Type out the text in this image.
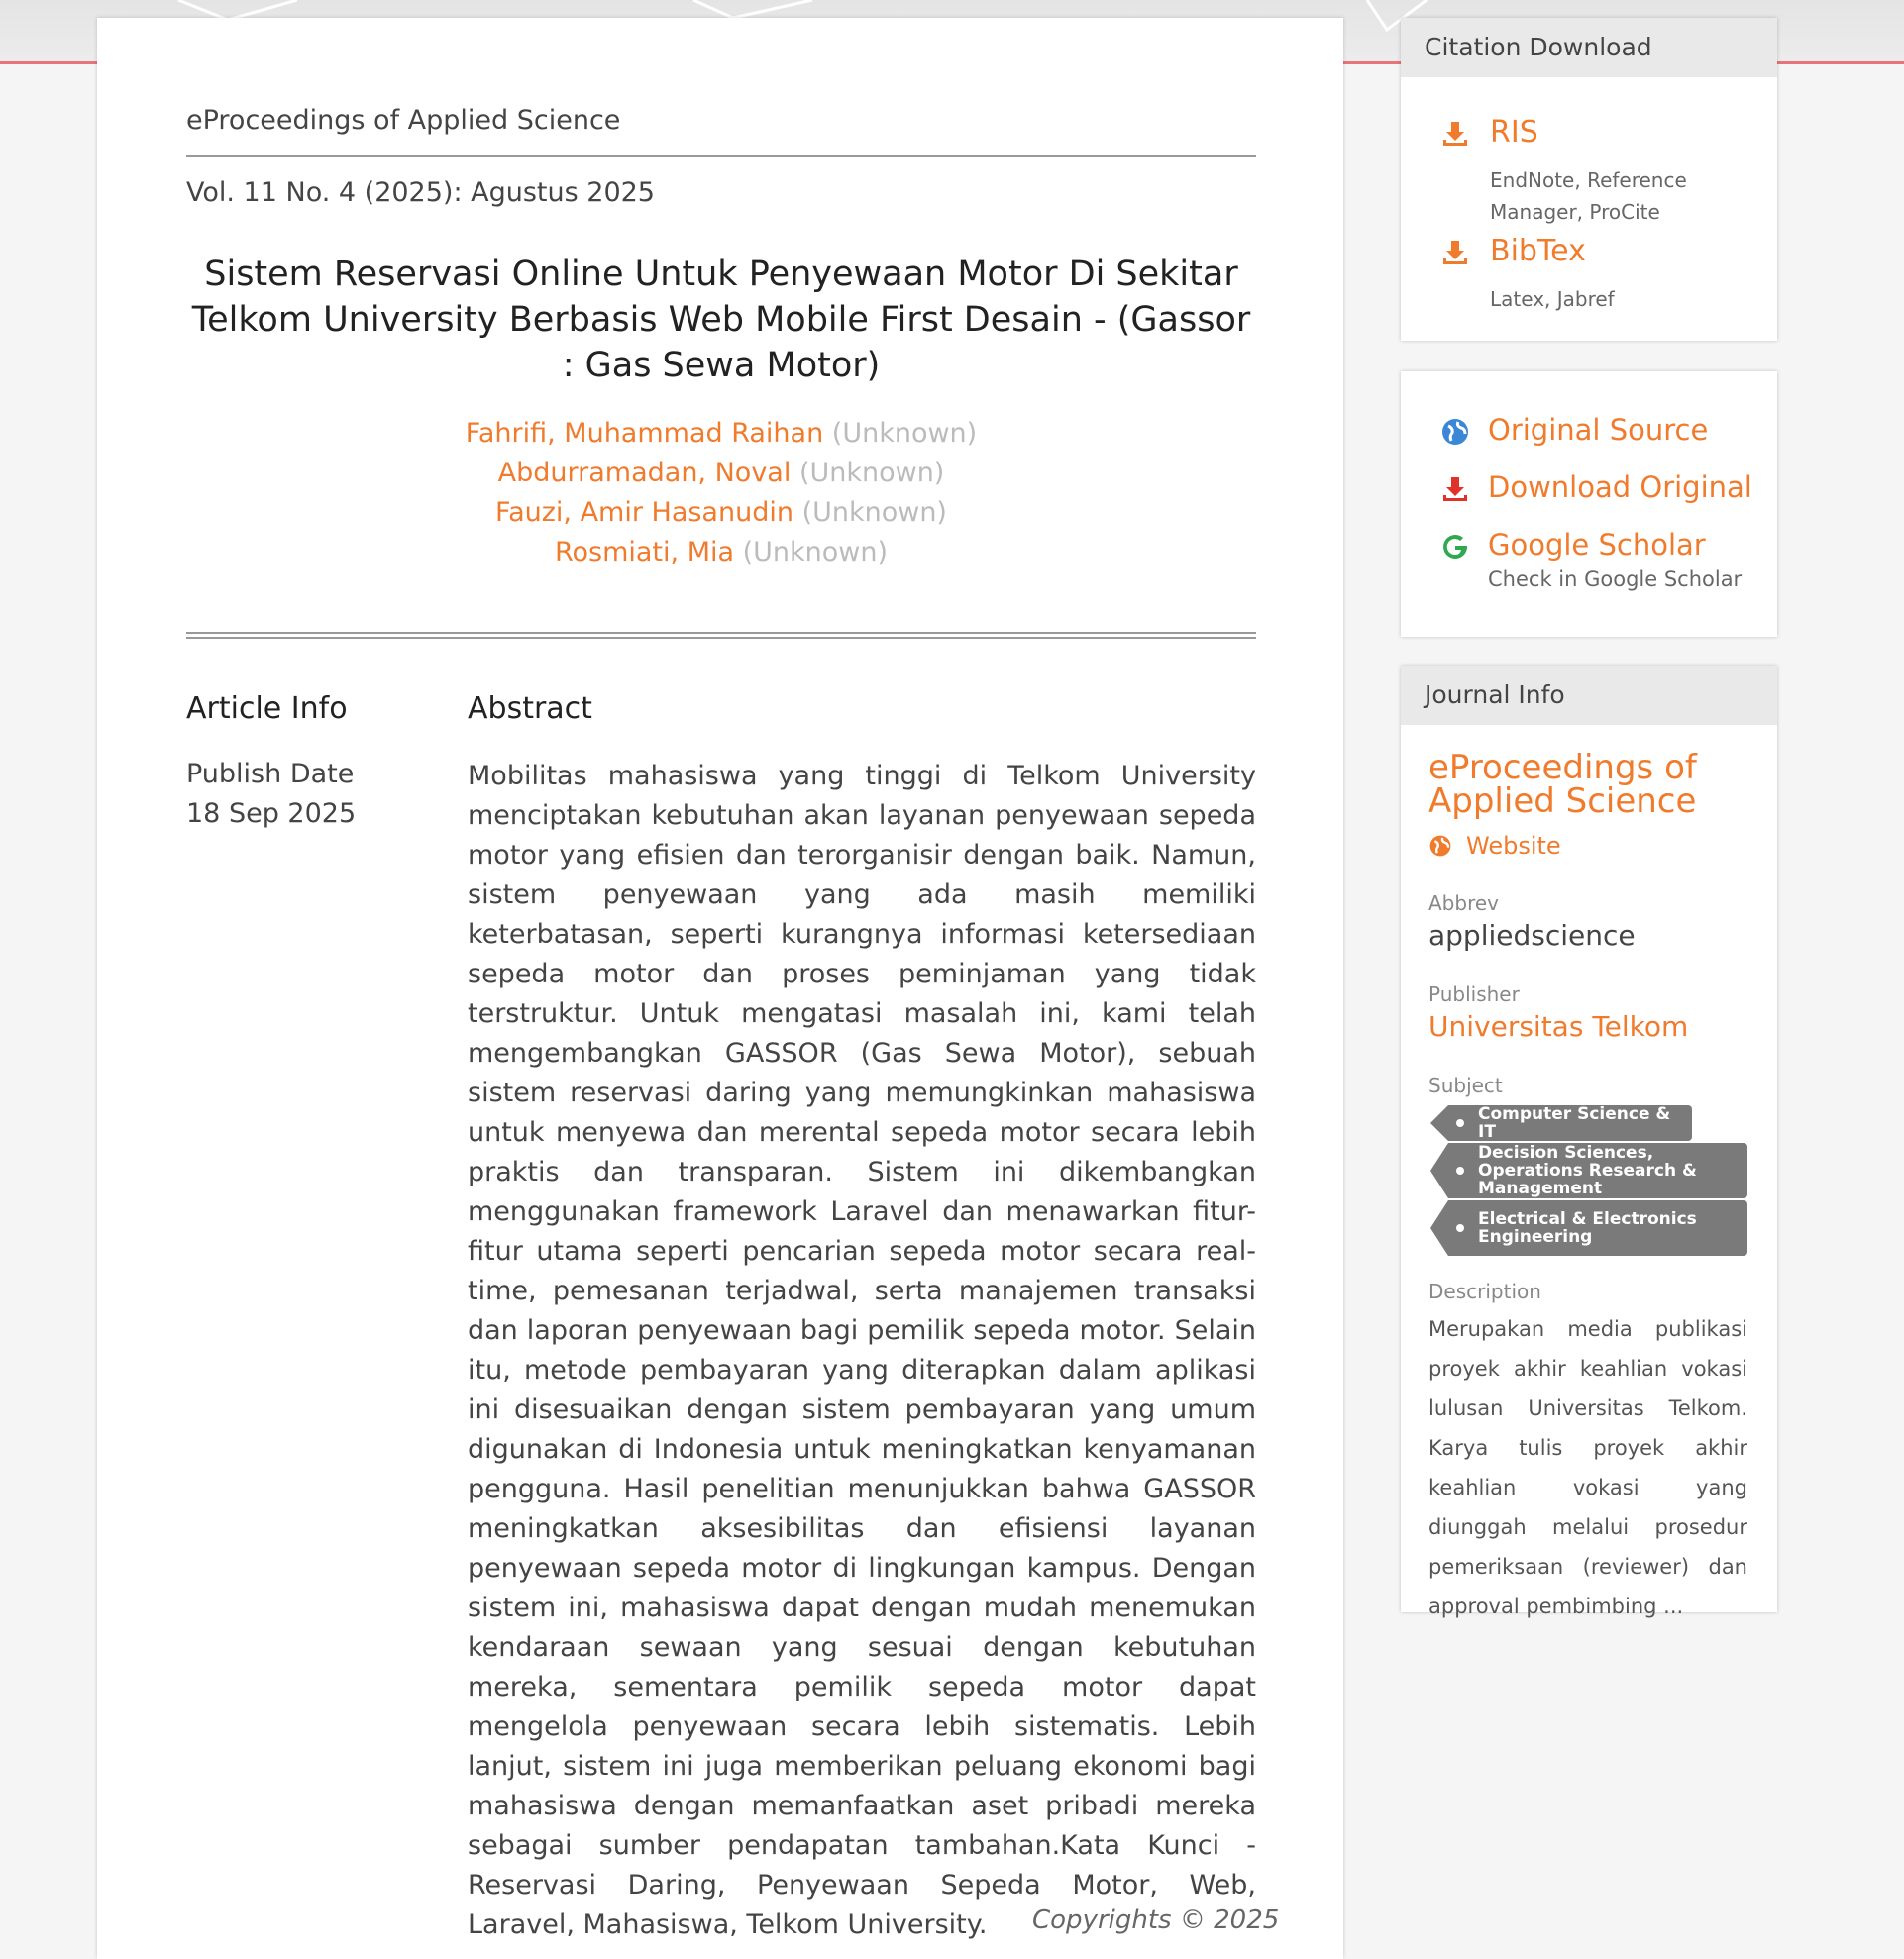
eProceedings of Applied Science
Vol. 11 No. 4 (2025): Agustus 2025
Sistem Reservasi Online Untuk Penyewaan Motor Di Sekitar Telkom University Berbasis Web Mobile First Desain - (Gassor : Gas Sewa Motor)
Fahrifi, Muhammad Raihan (Unknown)
Abdurramadan, Noval (Unknown)
Fauzi, Amir Hasanudin (Unknown)
Rosmiati, Mia (Unknown)
Article Info	Abstract
Publish Date
18 Sep 2025
Mobilitas mahasiswa yang tinggi di Telkom University menciptakan kebutuhan akan layanan penyewaan sepeda motor yang efisien dan terorganisir dengan baik. Namun, sistem penyewaan yang ada masih memiliki keterbatasan, seperti kurangnya informasi ketersediaan sepeda motor dan proses peminjaman yang tidak terstruktur. Untuk mengatasi masalah ini, kami telah mengembangkan GASSOR (Gas Sewa Motor), sebuah sistem reservasi daring yang memungkinkan mahasiswa untuk menyewa dan merental sepeda motor secara lebih praktis dan transparan. Sistem ini dikembangkan menggunakan framework Laravel dan menawarkan fitur-fitur utama seperti pencarian sepeda motor secara real-time, pemesanan terjadwal, serta manajemen transaksi dan laporan penyewaan bagi pemilik sepeda motor. Selain itu, metode pembayaran yang diterapkan dalam aplikasi ini disesuaikan dengan sistem pembayaran yang umum digunakan di Indonesia untuk meningkatkan kenyamanan pengguna. Hasil penelitian menunjukkan bahwa GASSOR meningkatkan aksesibilitas dan efisiensi layanan penyewaan sepeda motor di lingkungan kampus. Dengan sistem ini, mahasiswa dapat dengan mudah menemukan kendaraan sewaan yang sesuai dengan kebutuhan mereka, sementara pemilik sepeda motor dapat mengelola penyewaan secara lebih sistematis. Lebih lanjut, sistem ini juga memberikan peluang ekonomi bagi mahasiswa dengan memanfaatkan aset pribadi mereka sebagai sumber pendapatan tambahan.Kata Kunci - Reservasi Daring, Penyewaan Sepeda Motor, Web, Laravel, Mahasiswa, Telkom University.	Copyrights © 2025
Citation Download
RIS
EndNote, Reference Manager, ProCite
BibTex
Latex, Jabref
Original Source
Download Original
Google Scholar
Check in Google Scholar
Journal Info
eProceedings of Applied Science
Website
Abbrev
appliedscience
Publisher
Universitas Telkom
Subject
Computer Science & IT
Decision Sciences, Operations Research & Management
Electrical & Electronics Engineering
Description
Merupakan media publikasi proyek akhir keahlian vokasi lulusan Universitas Telkom. Karya tulis proyek akhir keahlian vokasi yang diunggah melalui prosedur pemeriksaan (reviewer) dan approval pembimbing ...
